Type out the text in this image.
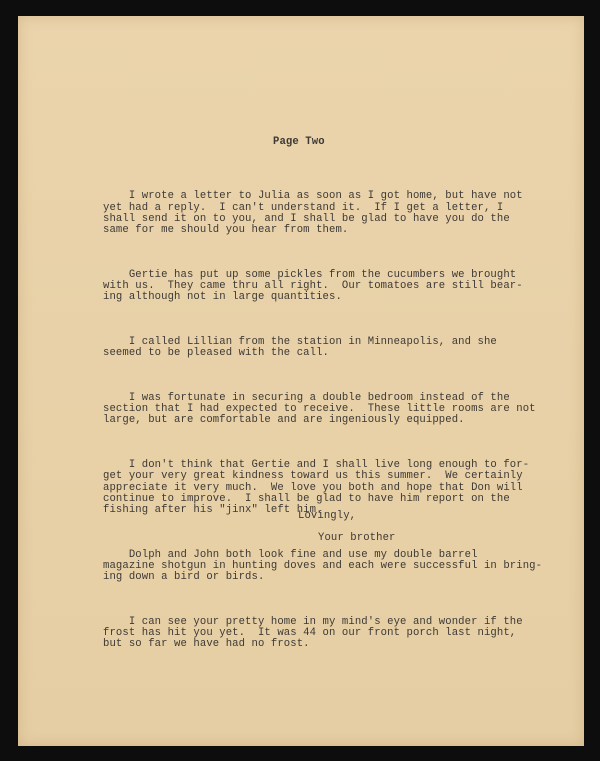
Page Two

I wrote a letter to Julia as soon as I got home, but have not
yet had a reply.  I can't understand it.  If I get a letter, I
shall send it on to you, and I shall be glad to have you do the
same for me should you hear from them.

Gertie has put up some pickles from the cucumbers we brought
with us.  They came thru all right.  Our tomatoes are still bear-
ing although not in large quantities.

I called Lillian from the station in Minneapolis, and she
seemed to be pleased with the call.

I was fortunate in securing a double bedroom instead of the
section that I had expected to receive.  These little rooms are not
large, but are comfortable and are ingeniously equipped.

I don't think that Gertie and I shall live long enough to for-
get your very great kindness toward us this summer.  We certainly
appreciate it very much.  We love you both and hope that Don will
continue to improve.  I shall be glad to have him report on the
fishing after his "jinx" left him.

Dolph and John both look fine and use my double barrel
magazine shotgun in hunting doves and each were successful in bring-
ing down a bird or birds.

I can see your pretty home in my mind's eye and wonder if the
frost has hit you yet.  It was 44 on our front porch last night,
but so far we have had no frost.

Lovingly,
Your brother
